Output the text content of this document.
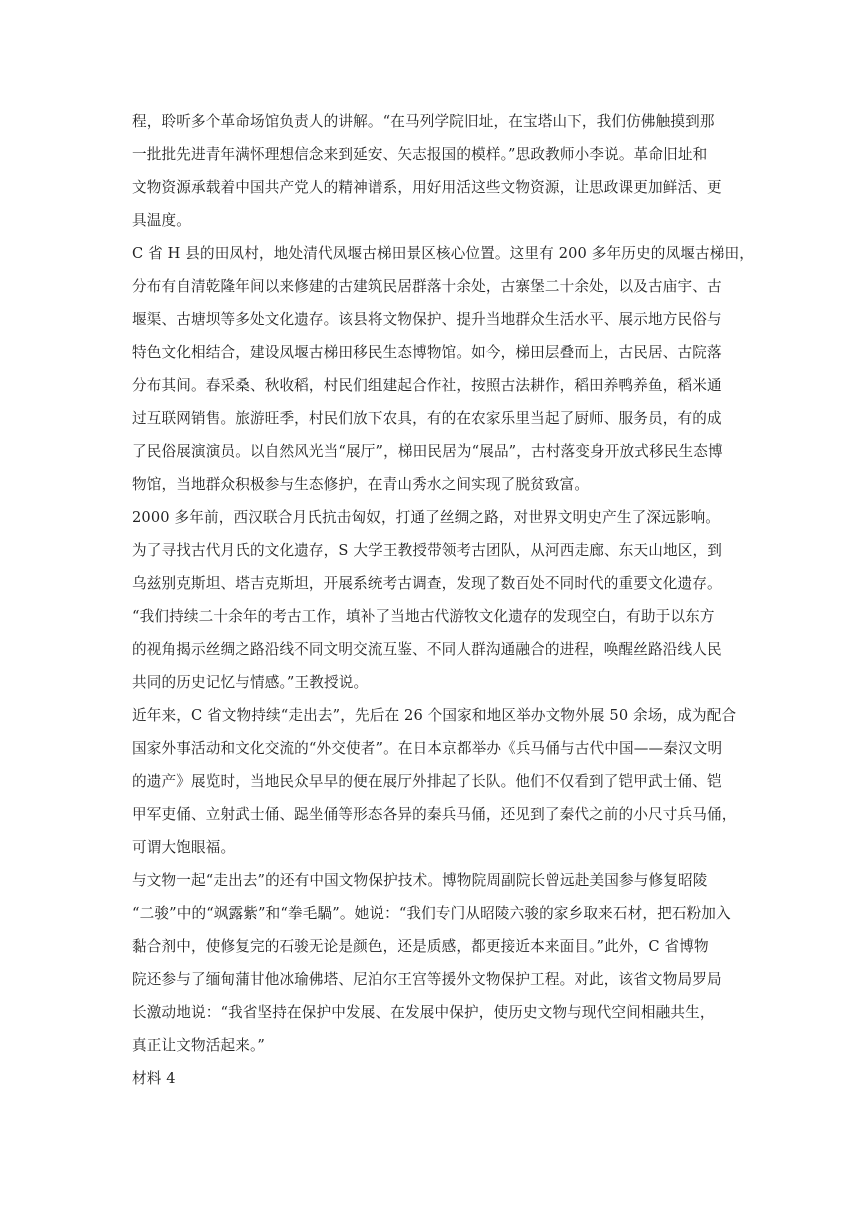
程，聆听多个革命场馆负责人的讲解。“在马列学院旧址，在宝塔山下，我们仿佛触摸到那
一批批先进青年满怀理想信念来到延安、矢志报国的模样。”思政教师小李说。革命旧址和
文物资源承载着中国共产党人的精神谱系，用好用活这些文物资源，让思政课更加鲜活、更
具温度。
C 省 H 县的田凤村，地处清代凤堰古梯田景区核心位置。这里有 200 多年历史的凤堰古梯田，
分布有自清乾隆年间以来修建的古建筑民居群落十余处，古寨堡二十余处，以及古庙宇、古
堰渠、古塘坝等多处文化遗存。该县将文物保护、提升当地群众生活水平、展示地方民俗与
特色文化相结合，建设凤堰古梯田移民生态博物馆。如今，梯田层叠而上，古民居、古院落
分布其间。春采桑、秋收稻，村民们组建起合作社，按照古法耕作，稻田养鸭养鱼，稻米通
过互联网销售。旅游旺季，村民们放下农具，有的在农家乐里当起了厨师、服务员，有的成
了民俗展演演员。以自然风光当“展厅”，梯田民居为“展品”，古村落变身开放式移民生态博
物馆，当地群众积极参与生态修护，在青山秀水之间实现了脱贫致富。
2000 多年前，西汉联合月氏抗击匈奴，打通了丝绸之路，对世界文明史产生了深远影响。
为了寻找古代月氏的文化遗存，S 大学王教授带领考古团队，从河西走廊、东天山地区，到
乌兹别克斯坦、塔吉克斯坦，开展系统考古调查，发现了数百处不同时代的重要文化遗存。
“我们持续二十余年的考古工作，填补了当地古代游牧文化遗存的发现空白，有助于以东方
的视角揭示丝绸之路沿线不同文明交流互鉴、不同人群沟通融合的进程，唤醒丝路沿线人民
共同的历史记忆与情感。”王教授说。
近年来，C 省文物持续“走出去”，先后在 26 个国家和地区举办文物外展 50 余场，成为配合
国家外事活动和文化交流的“外交使者”。在日本京都举办《兵马俑与古代中国——秦汉文明
的遗产》展览时，当地民众早早的便在展厅外排起了长队。他们不仅看到了铠甲武士俑、铠
甲军吏俑、立射武士俑、跽坐俑等形态各异的秦兵马俑，还见到了秦代之前的小尺寸兵马俑，
可谓大饱眼福。
与文物一起“走出去”的还有中国文物保护技术。博物院周副院长曾远赴美国参与修复昭陵
“二骏”中的“飒露紫”和“拳毛騧”。她说：“我们专门从昭陵六骏的家乡取来石材，把石粉加入
黏合剂中，使修复完的石骏无论是颜色，还是质感，都更接近本来面目。”此外，C 省博物
院还参与了缅甸蒲甘他冰瑜佛塔、尼泊尔王宫等援外文物保护工程。对此，该省文物局罗局
长激动地说：“我省坚持在保护中发展、在发展中保护，使历史文物与现代空间相融共生，
真正让文物活起来。”
材料 4
